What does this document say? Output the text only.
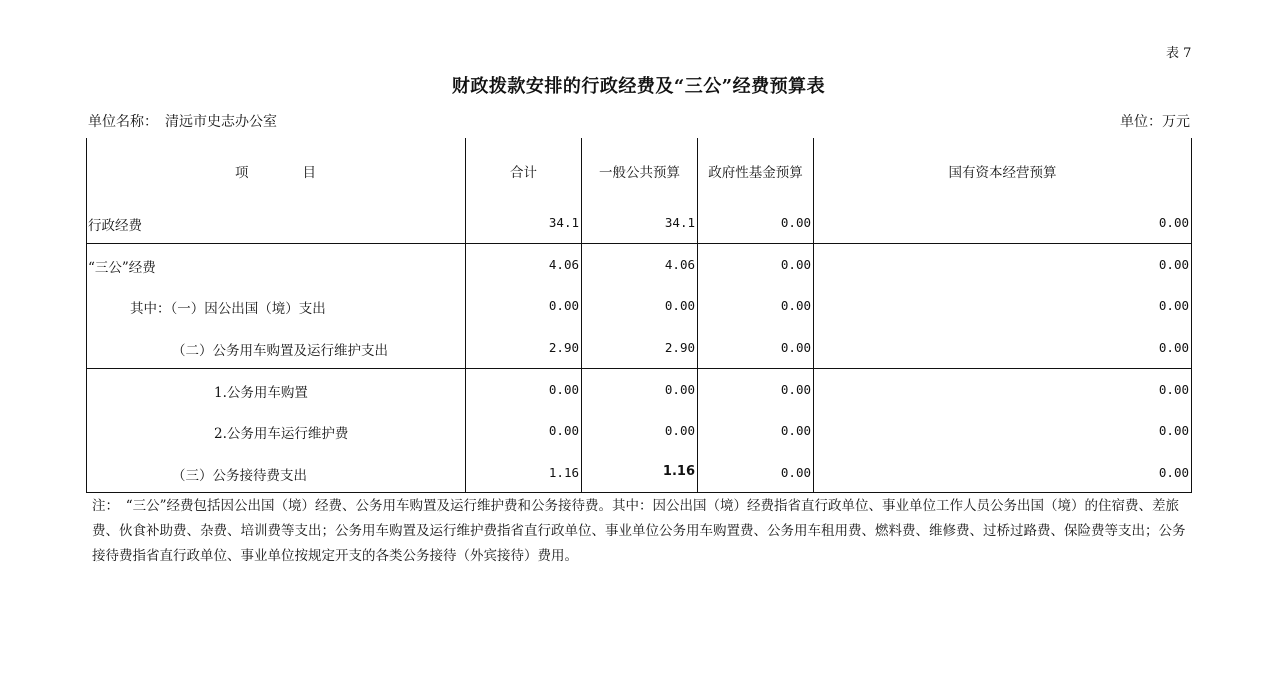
表 7
财政拨款安排的行政经费及“三公”经费预算表
单位名称： 清远市史志办公室	单位：万元
项　　　　目	合计	一般公共预算	政府性基金预算	国有资本经营预算
行政经费	34.1	34.1	0.00	0.00
“三公”经费	4.06	4.06	0.00	0.00
其中：（一）因公出国（境）支出	0.00	0.00	0.00	0.00
（二）公务用车购置及运行维护支出	2.90	2.90	0.00	0.00
1.公务用车购置	0.00	0.00	0.00	0.00
2.公务用车运行维护费	0.00	0.00	0.00	0.00
（三）公务接待费支出	1.16	1.16	0.00	0.00
注：　“三公”经费包括因公出国（境）经费、公务用车购置及运行维护费和公务接待费。其中：因公出国（境）经费指省直行政单位、事业单位工作人员公务出国（境）的住宿费、差旅费、伙食补助费、杂费、培训费等支出；公务用车购置及运行维护费指省直行政单位、事业单位公务用车购置费、公务用车租用费、燃料费、维修费、过桥过路费、保险费等支出；公务接待费指省直行政单位、事业单位按规定开支的各类公务接待（外宾接待）费用。
